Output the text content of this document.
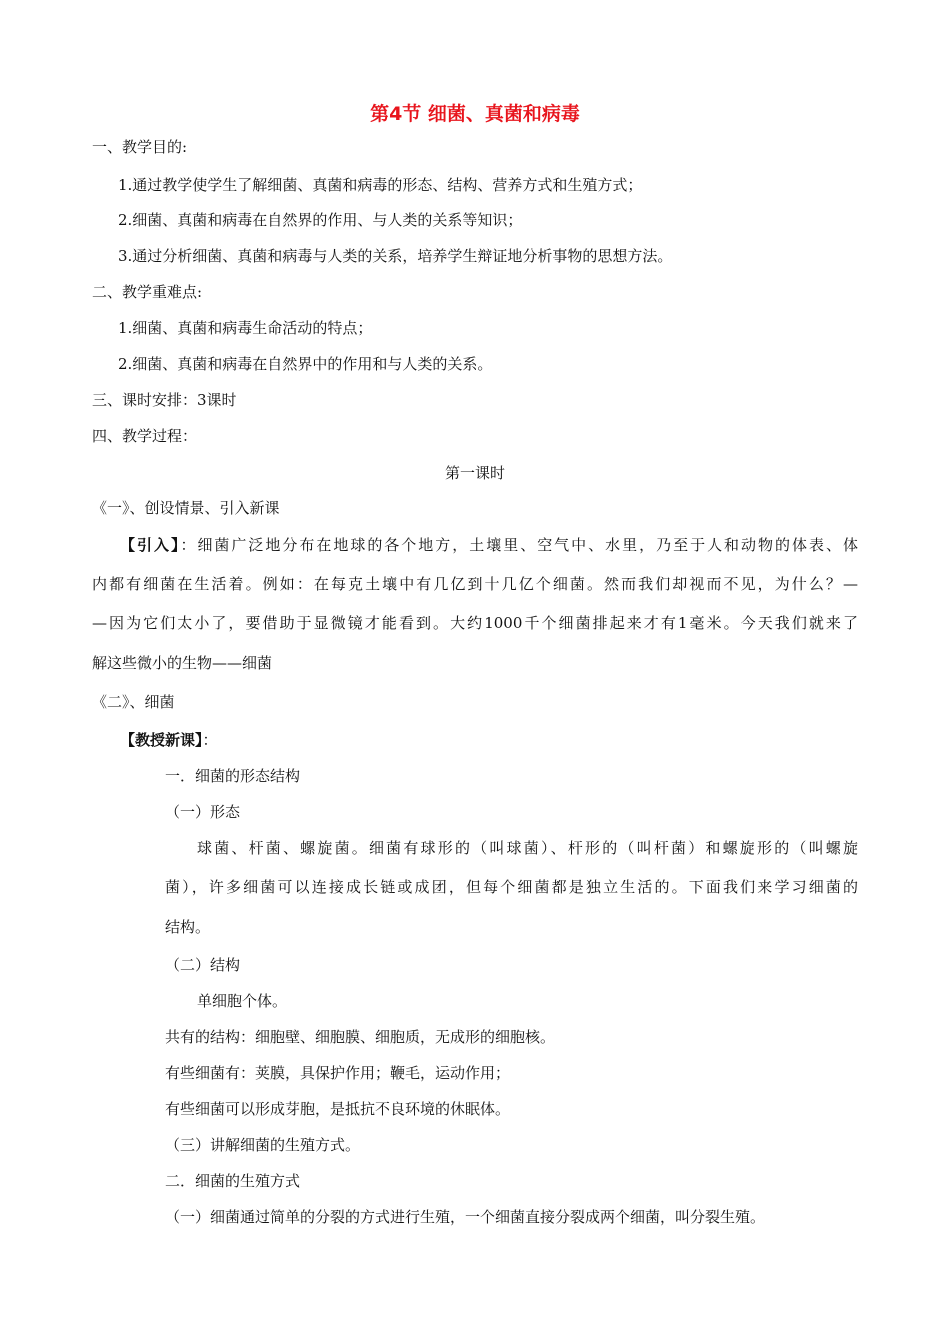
第4节 细菌、真菌和病毒
一、教学目的:
1.通过教学使学生了解细菌、真菌和病毒的形态、结构、营养方式和生殖方式；
2.细菌、真菌和病毒在自然界的作用、与人类的关系等知识；
3.通过分析细菌、真菌和病毒与人类的关系，培养学生辩证地分析事物的思想方法。
二、教学重难点:
1.细菌、真菌和病毒生命活动的特点；
2.细菌、真菌和病毒在自然界中的作用和与人类的关系。
三、课时安排：3课时
四、教学过程：
第一课时
《一》、创设情景、引入新课
【引入】：细菌广泛地分布在地球的各个地方，土壤里、空气中、水里，乃至于人和动物的体表、体
内都有细菌在生活着。例如：在每克土壤中有几亿到十几亿个细菌。然而我们却视而不见，为什么？—
—因为它们太小了，要借助于显微镜才能看到。大约1000千个细菌排起来才有1毫米。今天我们就来了
解这些微小的生物——细菌
《二》、细菌
【教授新课】：
一．细菌的形态结构
（一）形态
球菌、杆菌、螺旋菌。细菌有球形的（叫球菌）、杆形的（叫杆菌）和螺旋形的（叫螺旋
菌），许多细菌可以连接成长链或成团，但每个细菌都是独立生活的。下面我们来学习细菌的
结构。
（二）结构
单细胞个体。
共有的结构：细胞壁、细胞膜、细胞质，无成形的细胞核。
有些细菌有：荚膜，具保护作用；鞭毛，运动作用；
有些细菌可以形成芽胞，是抵抗不良环境的休眠体。
（三）讲解细菌的生殖方式。
二．细菌的生殖方式
（一）细菌通过简单的分裂的方式进行生殖，一个细菌直接分裂成两个细菌，叫分裂生殖。
